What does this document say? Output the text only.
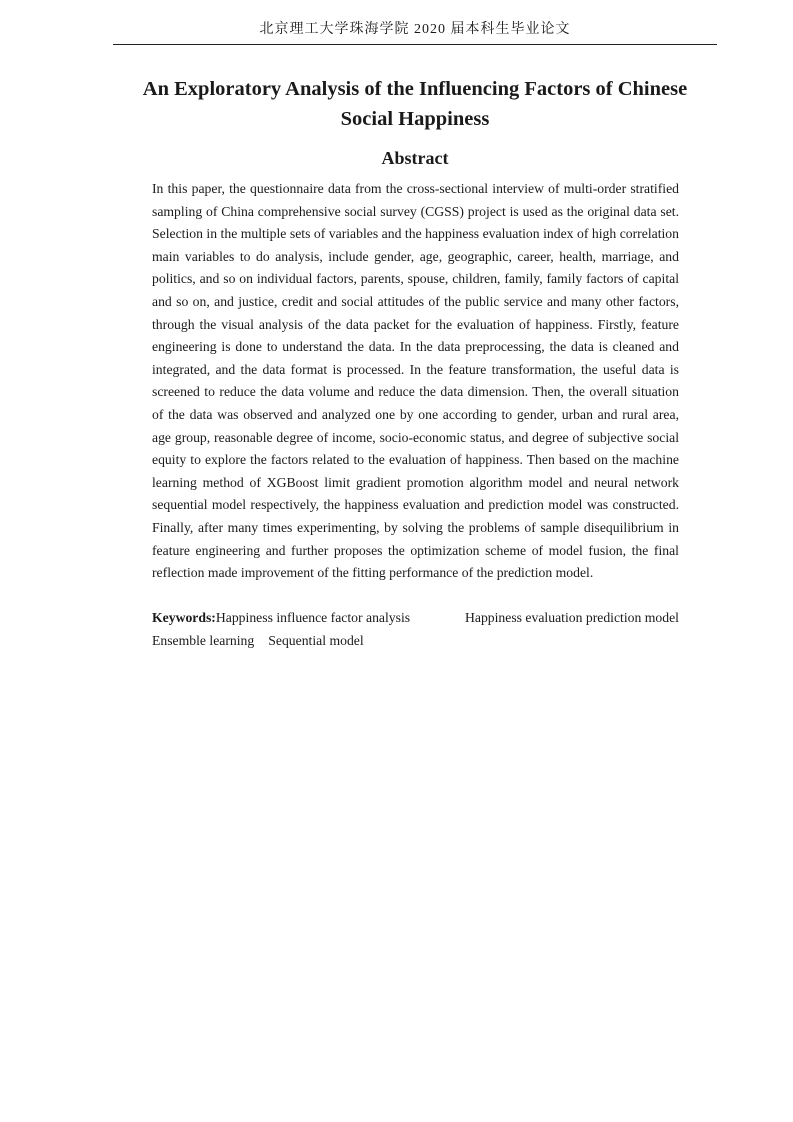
北京理工大学珠海学院 2020 届本科生毕业论文
An Exploratory Analysis of the Influencing Factors of Chinese
Social Happiness
Abstract

In this paper, the questionnaire data from the cross-sectional interview of multi-order stratified sampling of China comprehensive social survey (CGSS) project is used as the original data set. Selection in the multiple sets of variables and the happiness evaluation index of high correlation main variables to do analysis, include gender, age, geographic, career, health, marriage, and politics, and so on individual factors, parents, spouse, children, family, family factors of capital and so on, and justice, credit and social attitudes of the public service and many other factors, through the visual analysis of the data packet for the evaluation of happiness. Firstly, feature engineering is done to understand the data. In the data preprocessing, the data is cleaned and integrated, and the data format is processed. In the feature transformation, the useful data is screened to reduce the data volume and reduce the data dimension. Then, the overall situation of the data was observed and analyzed one by one according to gender, urban and rural area, age group, reasonable degree of income, socio-economic status, and degree of subjective social equity to explore the factors related to the evaluation of happiness. Then based on the machine learning method of XGBoost limit gradient promotion algorithm model and neural network sequential model respectively, the happiness evaluation and prediction model was constructed. Finally, after many times experimenting, by solving the problems of sample disequilibrium in feature engineering and further proposes the optimization scheme of model fusion, the final reflection made improvement of the fitting performance of the prediction model.

Keywords:Happiness influence factor analysis	Happiness evaluation prediction model
Ensemble learning Sequential model
